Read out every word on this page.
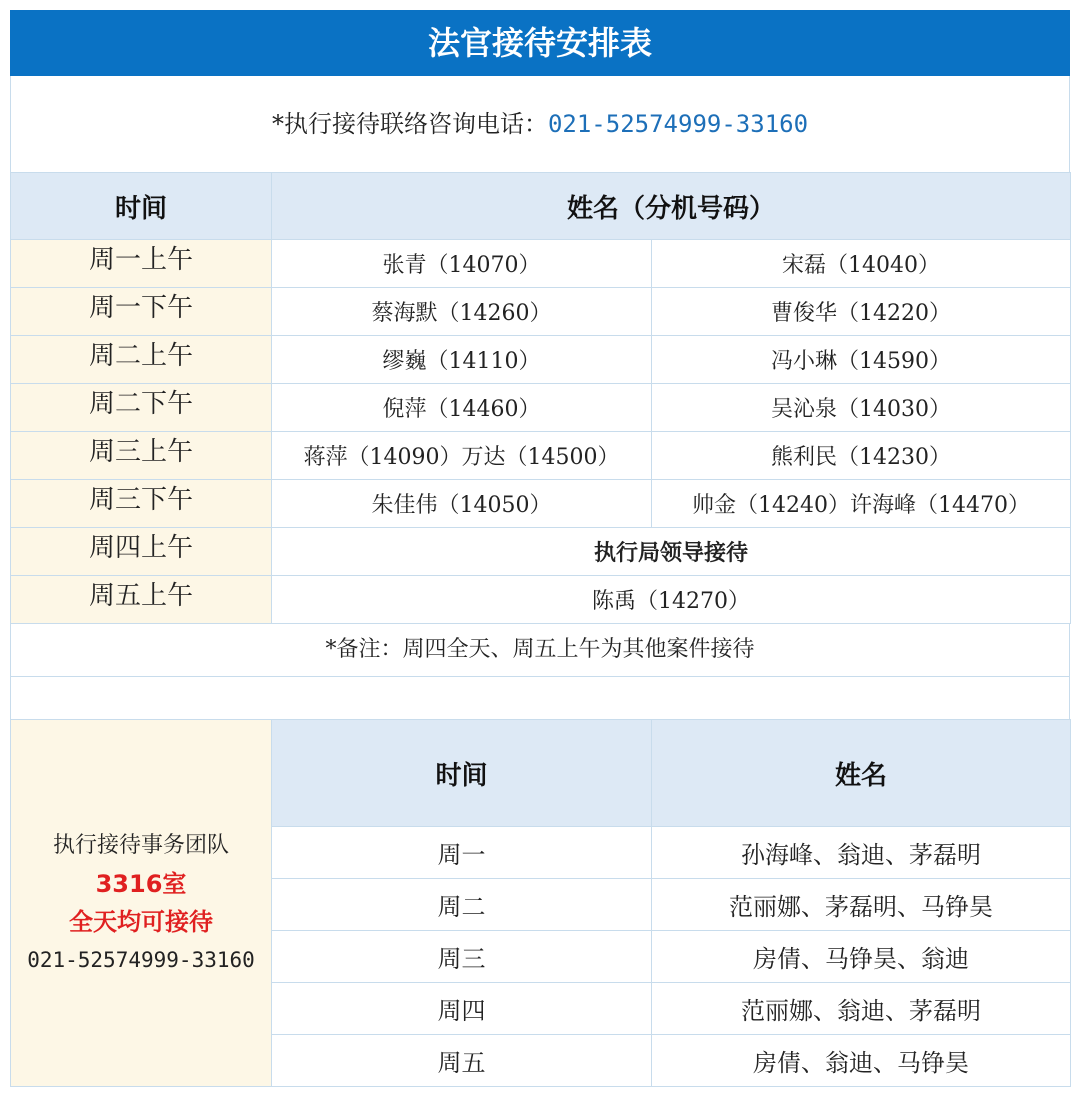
法官接待安排表
*执行接待联络咨询电话：021-52574999-33160
时间	姓名（分机号码）	
周一上午	张青（14070）	宋磊（14040）
周一下午	蔡海默（14260）	曹俊华（14220）
周二上午	缪巍（14110）	冯小琳（14590）
周二下午	倪萍（14460）	吴沁泉（14030）
周三上午	蒋萍（14090）万达（14500）	熊利民（14230）
周三下午	朱佳伟（14050）	帅金（14240）许海峰（14470）
周四上午	执行局领导接待	
周五上午	陈禹（14270）	
*备注：周四全天、周五上午为其他案件接待
执行接待事务团队
3316室
全天均可接待
021-52574999-33160	时间	姓名
	周一	孙海峰、翁迪、茅磊明
	周二	范丽娜、茅磊明、马铮昊
	周三	房倩、马铮昊、翁迪
	周四	范丽娜、翁迪、茅磊明
	周五	房倩、翁迪、马铮昊
